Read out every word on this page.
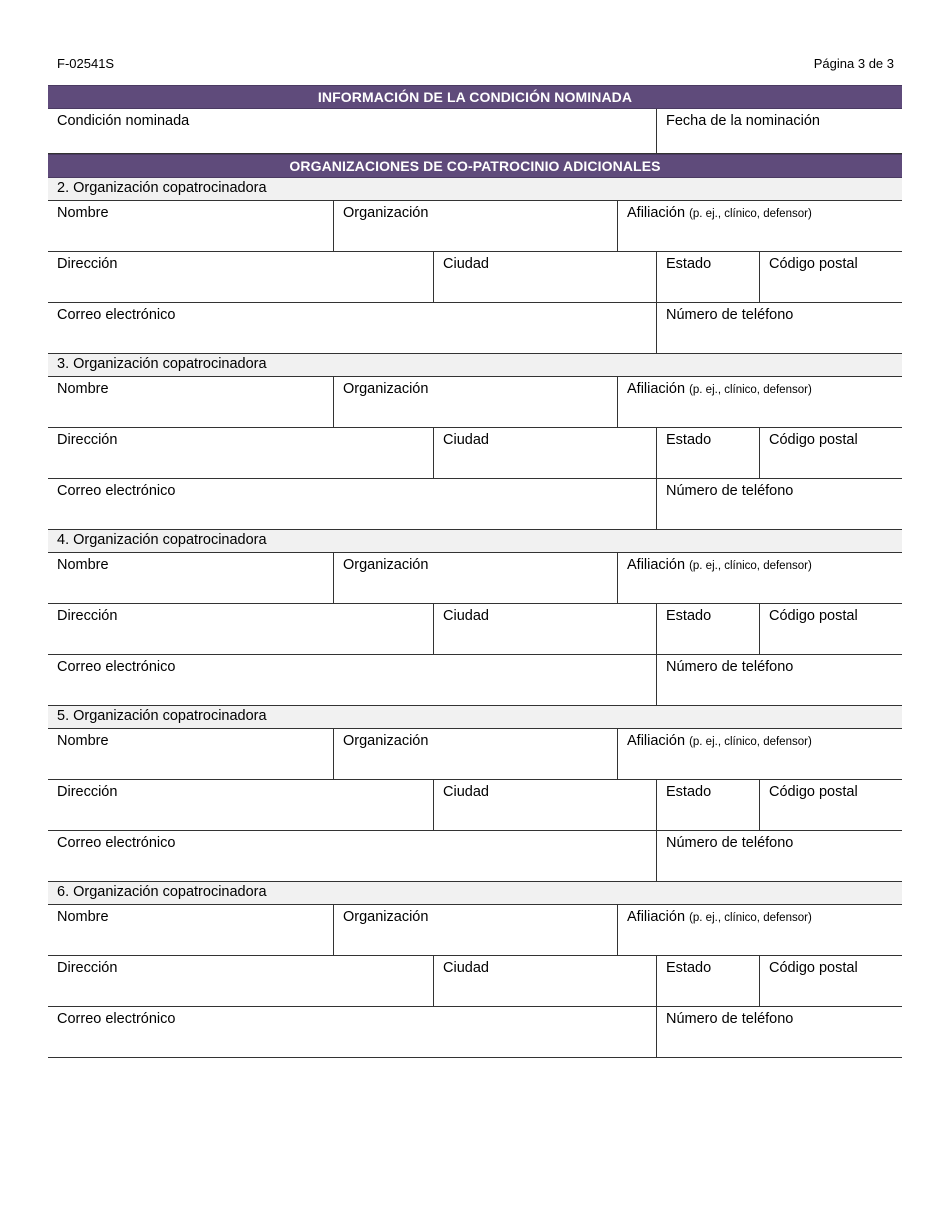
F-02541S	Página 3 de 3
INFORMACIÓN DE LA CONDICIÓN NOMINADA
Condición nominada	Fecha de la nominación
ORGANIZACIONES DE CO-PATROCINIO ADICIONALES
2. Organización copatrocinadora
Nombre	Organización	Afiliación (p. ej., clínico, defensor)
Dirección	Ciudad	Estado	Código postal
Correo electrónico	Número de teléfono
3. Organización copatrocinadora
Nombre	Organización	Afiliación (p. ej., clínico, defensor)
Dirección	Ciudad	Estado	Código postal
Correo electrónico	Número de teléfono
4. Organización copatrocinadora
Nombre	Organización	Afiliación (p. ej., clínico, defensor)
Dirección	Ciudad	Estado	Código postal
Correo electrónico	Número de teléfono
5. Organización copatrocinadora
Nombre	Organización	Afiliación (p. ej., clínico, defensor)
Dirección	Ciudad	Estado	Código postal
Correo electrónico	Número de teléfono
6. Organización copatrocinadora
Nombre	Organización	Afiliación (p. ej., clínico, defensor)
Dirección	Ciudad	Estado	Código postal
Correo electrónico	Número de teléfono
